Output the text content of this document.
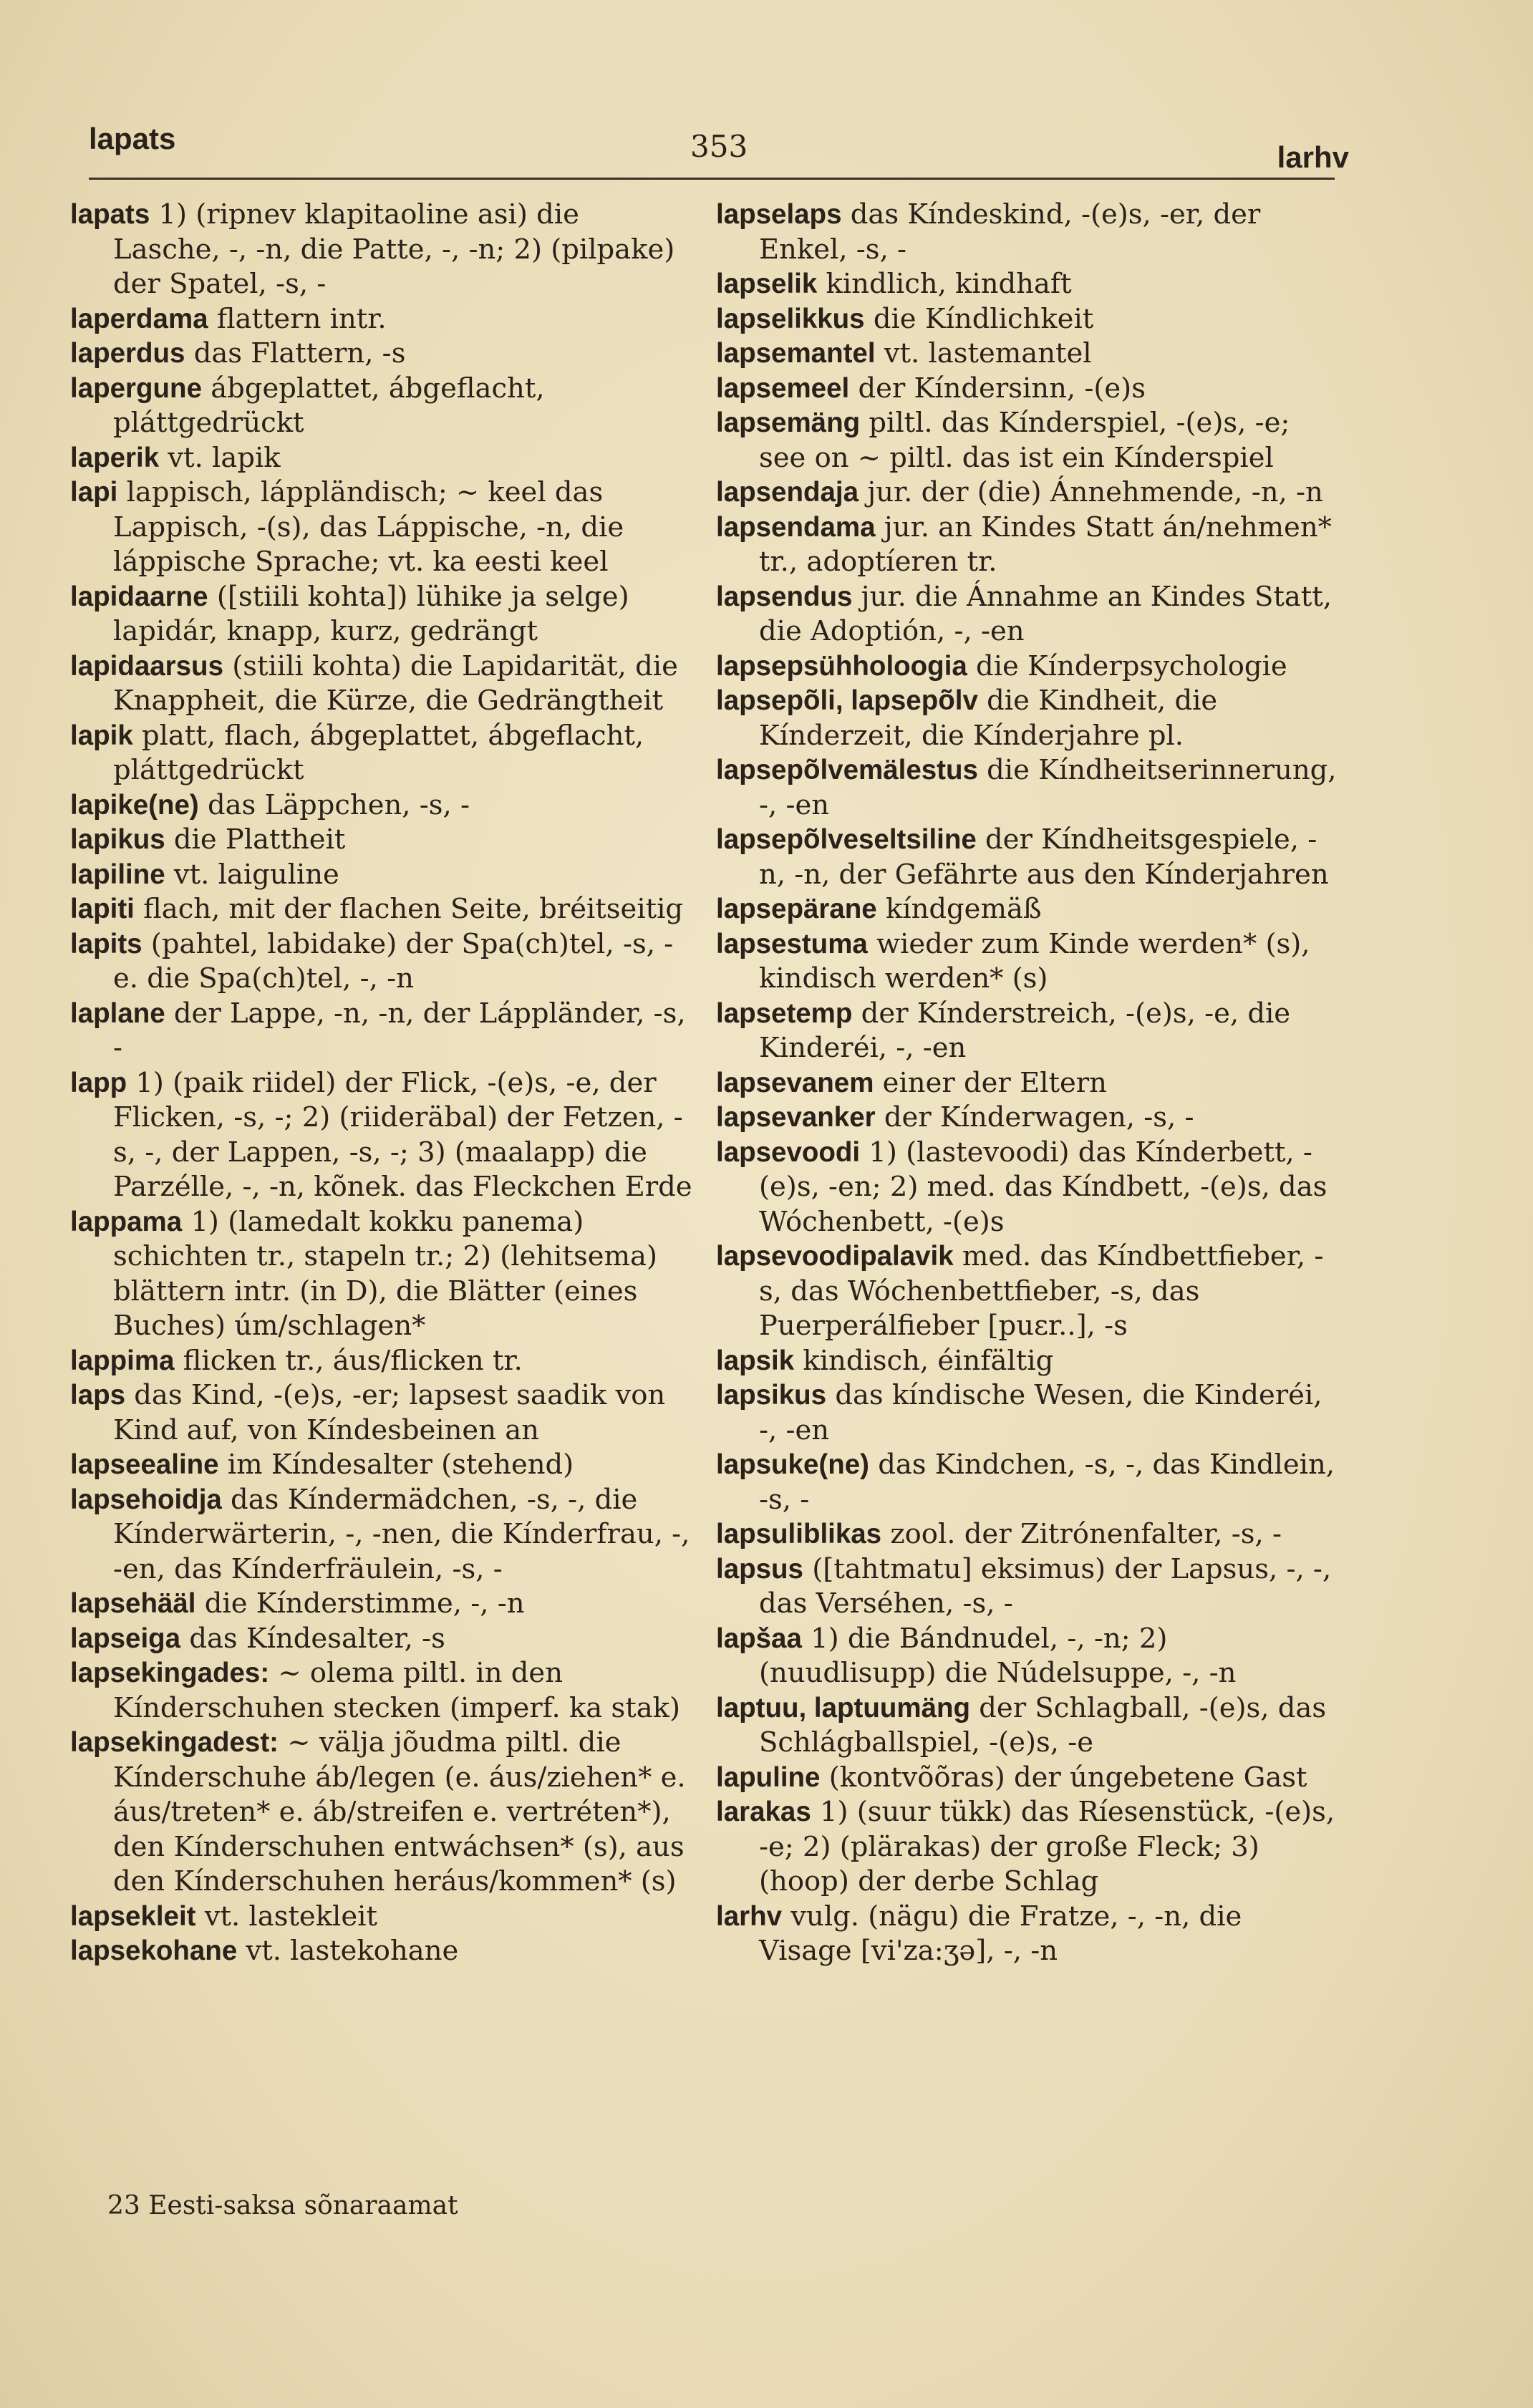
lapats	353	larhv

lapats 1) (ripnev klapitaoline asi) die Lasche, -, -n, die Patte, -, -n; 2) (pilpake) der Spatel, -s, -

laperdama flattern intr.

laperdus das Flattern, -s

lapergune ábgeplattet, ábgeflacht, pláttgedrückt

laperik vt. lapik

lapi lappisch, láppländisch; ~ keel das Lappisch, -(s), das Láppische, -n, die láppische Sprache; vt. ka eesti keel

lapidaarne ([stiili kohta]) lühike ja selge) lapidár, knapp, kurz, gedrängt

lapidaarsus (stiili kohta) die Lapidarität, die Knappheit, die Kürze, die Gedrängtheit

lapik platt, flach, ábgeplattet, ábgeflacht, pláttgedrückt

lapike(ne) das Läppchen, -s, -

lapikus die Plattheit

lapiline vt. laiguline

lapiti flach, mit der flachen Seite, bréitseitig

lapits (pahtel, labidake) der Spa(ch)tel, -s, - e. die Spa(ch)tel, -, -n

laplane der Lappe, -n, -n, der Láppländer, -s, -

lapp 1) (paik riidel) der Flick, -(e)s, -e, der Flicken, -s, -; 2) (riideräbal) der Fetzen, -s, -, der Lappen, -s, -; 3) (maalapp) die Parzélle, -, -n, kõnek. das Fleckchen Erde

lappama 1) (lamedalt kokku panema) schichten tr., stapeln tr.; 2) (lehitsema) blättern intr. (in D), die Blätter (eines Buches) úm/schlagen*

lappima flicken tr., áus/flicken tr.

laps das Kind, -(e)s, -er; lapsest saadik von Kind auf, von Kíndesbeinen an

lapseealine im Kíndesalter (stehend)

lapsehoidja das Kíndermädchen, -s, -, die Kínderwärterin, -, -nen, die Kínderfrau, -, -en, das Kínderfräulein, -s, -

lapsehääl die Kínderstimme, -, -n

lapseiga das Kíndesalter, -s

lapsekingades: ~ olema piltl. in den Kínderschuhen stecken (imperf. ka stak)

lapsekingadest: ~ välja jõudma piltl. die Kínderschuhe áb/legen (e. áus/ziehen* e. áus/treten* e. áb/streifen e. vertréten*), den Kínderschuhen entwáchsen* (s), aus den Kínderschuhen heráus/kommen* (s)

lapsekleit vt. lastekleit

lapsekohane vt. lastekohane

lapselaps das Kíndeskind, -(e)s, -er, der Enkel, -s, -

lapselik kindlich, kindhaft

lapselikkus die Kíndlichkeit

lapsemantel vt. lastemantel

lapsemeel der Kíndersinn, -(e)s

lapsemäng piltl. das Kínderspiel, -(e)s, -e; see on ~ piltl. das ist ein Kínderspiel

lapsendaja jur. der (die) Ánnehmende, -n, -n

lapsendama jur. an Kindes Statt án/nehmen* tr., adoptíeren tr.

lapsendus jur. die Ánnahme an Kindes Statt, die Adoptión, -, -en

lapsepsühholoogia die Kínderpsychologie

lapsepõli, lapsepõlv die Kindheit, die Kínderzeit, die Kínderjahre pl.

lapsepõlvemälestus die Kíndheitserinnerung, -, -en

lapsepõlveseltsiline der Kíndheitsgespiele, -n, -n, der Gefährte aus den Kínderjahren

lapsepärane kíndgemäß

lapsestuma wieder zum Kinde werden* (s), kindisch werden* (s)

lapsetemp der Kínderstreich, -(e)s, -e, die Kinderéi, -, -en

lapsevanem einer der Eltern

lapsevanker der Kínderwagen, -s, -

lapsevoodi 1) (lastevoodi) das Kínderbett, -(e)s, -en; 2) med. das Kíndbett, -(e)s, das Wóchenbett, -(e)s

lapsevoodipalavik med. das Kíndbettfieber, -s, das Wóchenbettfieber, -s, das Puerperálfieber [puɛr..], -s

lapsik kindisch, éinfältig

lapsikus das kíndische Wesen, die Kinderéi, -, -en

lapsuke(ne) das Kindchen, -s, -, das Kindlein, -s, -

lapsuliblikas zool. der Zitrónenfalter, -s, -

lapsus ([tahtmatu] eksimus) der Lapsus, -, -, das Verséhen, -s, -

lapšaa 1) die Bándnudel, -, -n; 2) (nuudlisupp) die Núdelsuppe, -, -n

laptuu, laptuumäng der Schlagball, -(e)s, das Schlágballspiel, -(e)s, -e

lapuline (kontvõõras) der úngebetene Gast

larakas 1) (suur tükk) das Ríesenstück, -(e)s, -e; 2) (plärakas) der große Fleck; 3) (hoop) der derbe Schlag

larhv vulg. (nägu) die Fratze, -, -n, die Visage [vi'za:ʒə], -, -n

23 Eesti-saksa sõnaraamat
